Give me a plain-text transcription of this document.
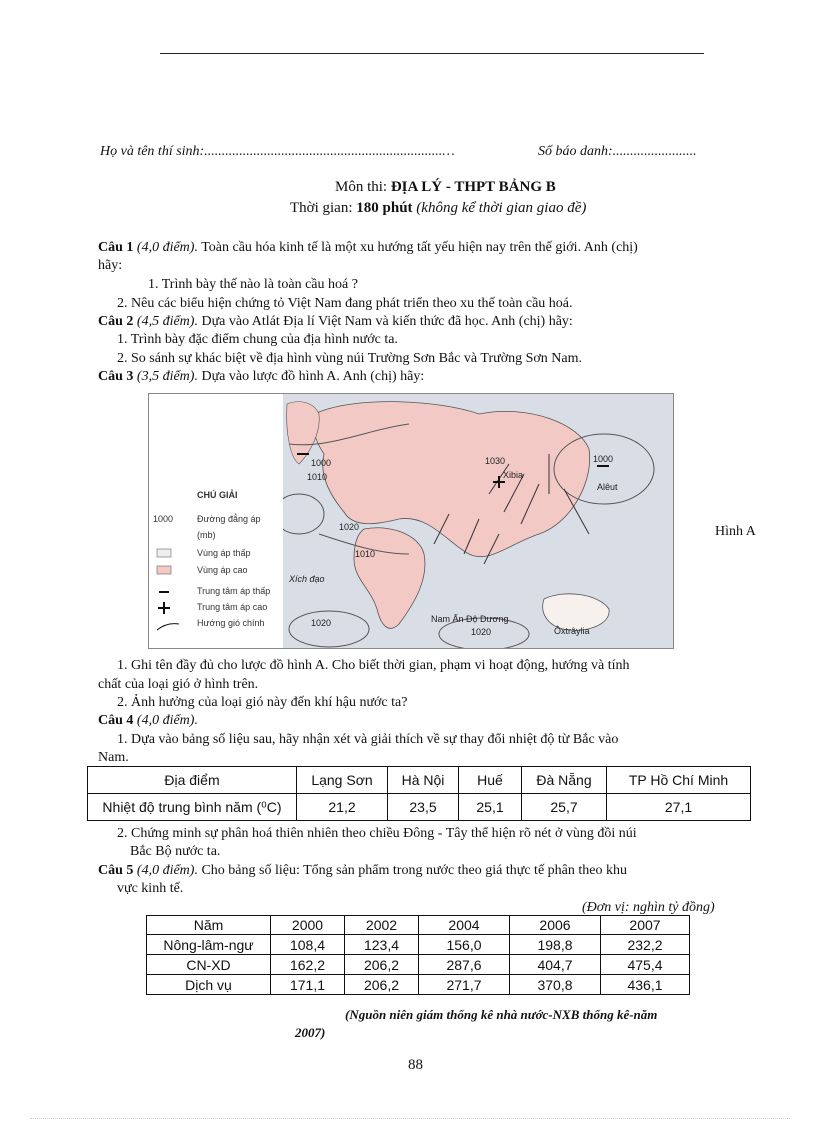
Họ và tên thí sinh:....................................................................…	Số báo danh:........................
Môn thi: ĐỊA LÝ - THPT BẢNG B
Thời gian: 180 phút (không kể thời gian giao đề)
Câu 1 (4,0 điểm). Toàn cầu hóa kinh tế là một xu hướng tất yếu hiện nay trên thế giới. Anh (chị)
hãy:
1. Trình bày thế nào là toàn cầu hoá ?
2. Nêu các biểu hiện chứng tỏ Việt Nam đang phát triển theo xu thế toàn cầu hoá.
Câu 2 (4,5 điểm). Dựa vào Atlát Địa lí Việt Nam và kiến thức đã học. Anh (chị) hãy:
1. Trình bày đặc điểm chung của địa hình nước ta.
2. So sánh sự khác biệt về địa hình vùng núi Trường Sơn Bắc và Trường Sơn Nam.
Câu 3 (3,5 điểm). Dựa vào lược đồ hình A. Anh (chị) hãy:
CHÚ GIẢI
1000	Đường đẳng áp
(mb)
Vùng áp thấp
Vùng áp cao
Trung tâm áp thấp
Trung tâm áp cao
Hướng gió chính
1000
1010
1020
1010
1030	1000
1020
1020
Xibia
Alêut
Xích đạo
Nam Ấn Độ Dương
Ôxtrâylia
Hình A
1. Ghi tên đầy đủ cho lược đồ hình A. Cho biết thời gian, phạm vi hoạt động, hướng và tính
chất của loại gió ở hình trên.
2. Ảnh hưởng của loại gió này đến khí hậu nước ta?
Câu 4 (4,0 điểm).
1. Dựa vào bảng số liệu sau, hãy nhận xét và giải thích về sự thay đổi nhiệt độ từ Bắc vào
Nam.
Địa điểm	Lạng Sơn	Hà Nội	Huế	Đà Nẵng	TP Hồ Chí Minh
Nhiệt độ trung bình năm (⁰C)	21,2	23,5	25,1	25,7	27,1
2. Chứng minh sự phân hoá thiên nhiên theo chiều Đông - Tây thể hiện rõ nét ở vùng đồi núi
Bắc Bộ nước ta.
Câu 5 (4,0 điểm). Cho bảng số liệu: Tổng sản phẩm trong nước theo giá thực tế phân theo khu
vực kinh tế.
(Đơn vị: nghìn tỷ đồng)
Năm	2000	2002	2004	2006	2007
Nông-lâm-ngư	108,4	123,4	156,0	198,8	232,2
CN-XD	162,2	206,2	287,6	404,7	475,4
Dịch vụ	171,1	206,2	271,7	370,8	436,1
(Nguồn niên giám thống kê nhà nước-NXB thống kê-năm
2007)
88
